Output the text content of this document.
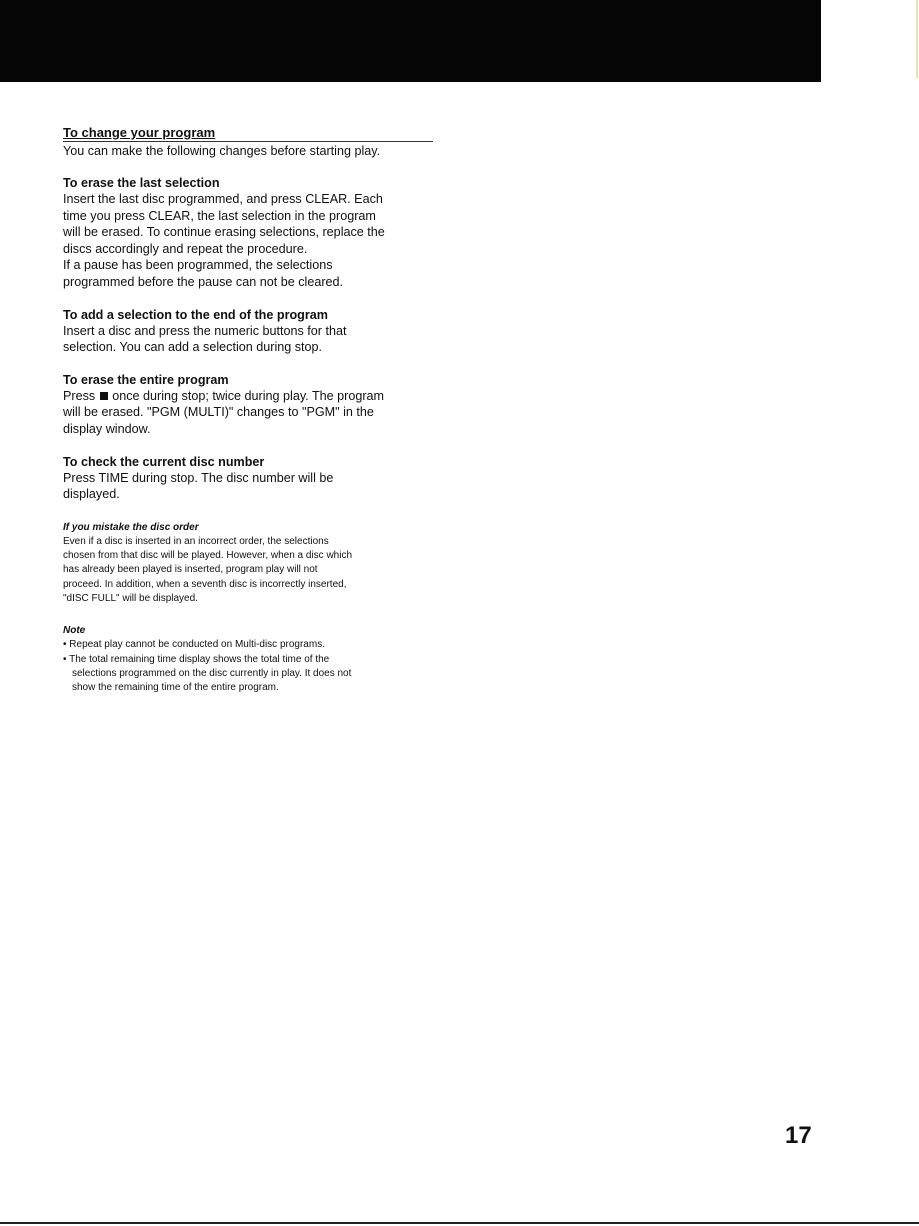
To change your program

You can make the following changes before starting play.

To erase the last selection

Insert the last disc programmed, and press CLEAR. Each
time you press CLEAR, the last selection in the program
will be erased. To continue erasing selections, replace the
discs accordingly and repeat the procedure.
If a pause has been programmed, the selections
programmed before the pause can not be cleared.

To add a selection to the end of the program

Insert a disc and press the numeric buttons for that
selection. You can add a selection during stop.

To erase the entire program

Press once during stop; twice during play. The program
will be erased. "PGM (MULTI)" changes to "PGM" in the
display window.

To check the current disc number

Press TIME during stop. The disc number will be
displayed.

If you mistake the disc order

Even if a disc is inserted in an incorrect order, the selections
chosen from that disc will be played. However, when a disc which
has already been played is inserted, program play will not
proceed. In addition, when a seventh disc is incorrectly inserted,
"dISC FULL" will be displayed.

Note
• Repeat play cannot be conducted on Multi-disc programs.
• The total remaining time display shows the total time of the
selections programmed on the disc currently in play. It does not
show the remaining time of the entire program.
17
